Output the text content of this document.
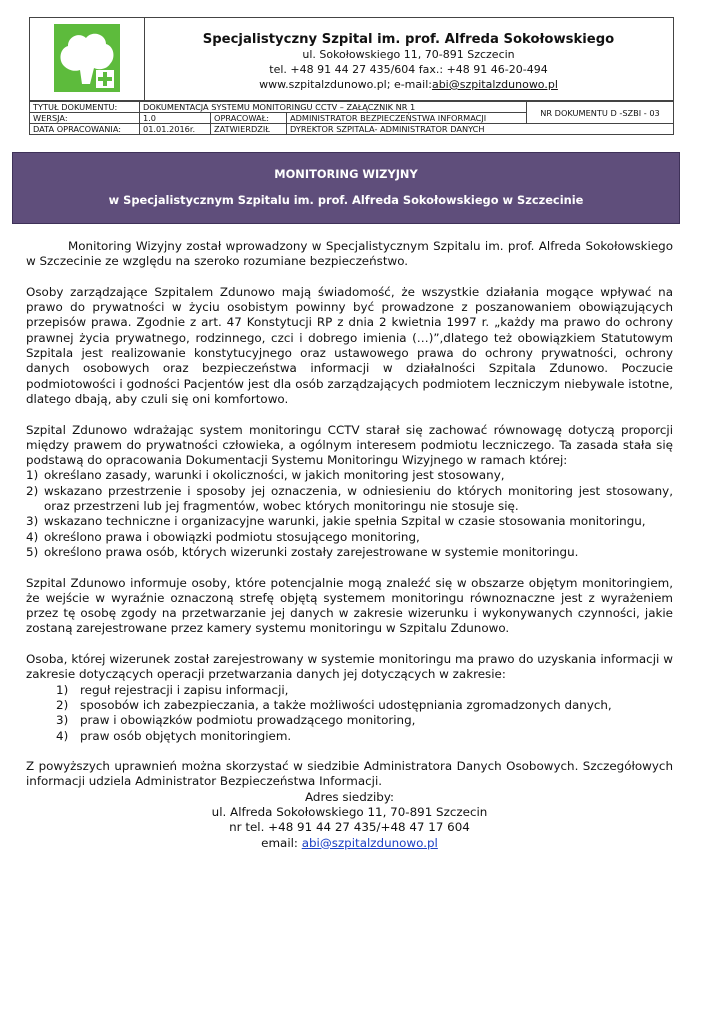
Specjalistyczny Szpital im. prof. Alfreda Sokołowskiego
ul. Sokołowskiego 11, 70-891 Szczecin
tel. +48 91 44 27 435/604 fax.: +48 91 46-20-494
www.szpitalzdunowo.pl; e-mail:abi@szpitalzdunowo.pl
TYTUŁ DOKUMENTU:	DOKUMENTACJA SYSTEMU MONITORINGU CCTV – ZAŁĄCZNIK NR 1			NR DOKUMENTU D -SZBI - 03
WERSJA:	1.0	OPRACOWAŁ:	ADMINISTRATOR BEZPIECZEŃSTWA INFORMACJI	
DATA OPRACOWANIA:	01.01.2016r.	ZATWIERDZIŁ	DYREKTOR SZPITALA- ADMINISTRATOR DANYCH	
MONITORING WIZYJNY
w Specjalistycznym Szpitalu im. prof. Alfreda Sokołowskiego w Szczecinie

Monitoring Wizyjny został wprowadzony w Specjalistycznym Szpitalu im. prof. Alfreda Sokołowskiego w Szczecinie ze względu na szeroko rozumiane bezpieczeństwo.

Osoby zarządzające Szpitalem Zdunowo mają świadomość, że wszystkie działania mogące wpływać na prawo do prywatności w życiu osobistym powinny być prowadzone z poszanowaniem obowiązujących przepisów prawa. Zgodnie z art. 47 Konstytucji RP z dnia 2 kwietnia 1997 r. „każdy ma prawo do ochrony prawnej życia prywatnego, rodzinnego, czci i dobrego imienia (…)”,dlatego też obowiązkiem Statutowym Szpitala jest realizowanie konstytucyjnego oraz ustawowego prawa do ochrony prywatności, ochrony danych osobowych oraz bezpieczeństwa informacji w działalności Szpitala Zdunowo. Poczucie podmiotowości i godności Pacjentów jest dla osób zarządzających podmiotem leczniczym niebywale istotne, dlatego dbają, aby czuli się oni komfortowo.

Szpital Zdunowo wdrażając system monitoringu CCTV starał się zachować równowagę dotyczą proporcji między prawem do prywatności człowieka, a ogólnym interesem podmiotu leczniczego. Ta zasada stała się podstawą do opracowania Dokumentacji Systemu Monitoringu Wizyjnego w ramach której:

1) określano zasady, warunki i okoliczności, w jakich monitoring jest stosowany,
2) wskazano przestrzenie i sposoby jej oznaczenia, w odniesieniu do których monitoring jest stosowany, oraz przestrzeni lub jej fragmentów, wobec których monitoringu nie stosuje się.
3) wskazano techniczne i organizacyjne warunki, jakie spełnia Szpital w czasie stosowania monitoringu,
4) określono prawa i obowiązki podmiotu stosującego monitoring,
5) określono prawa osób, których wizerunki zostały zarejestrowane w systemie monitoringu.

Szpital Zdunowo informuje osoby, które potencjalnie mogą znaleźć się w obszarze objętym monitoringiem, że wejście w wyraźnie oznaczoną strefę objętą systemem monitoringu równoznaczne jest z wyrażeniem przez tę osobę zgody na przetwarzanie jej danych w zakresie wizerunku i wykonywanych czynności, jakie zostaną zarejestrowane przez kamery systemu monitoringu w Szpitalu Zdunowo.

Osoba, której wizerunek został zarejestrowany w systemie monitoringu ma prawo do uzyskania informacji w zakresie dotyczących operacji przetwarzania danych jej dotyczących w zakresie:

1) reguł rejestracji i zapisu informacji,
2) sposobów ich zabezpieczania, a także możliwości udostępniania zgromadzonych danych,
3) praw i obowiązków podmiotu prowadzącego monitoring,
4) praw osób objętych monitoringiem.

Z powyższych uprawnień można skorzystać w siedzibie Administratora Danych Osobowych. Szczegółowych informacji udziela Administrator Bezpieczeństwa Informacji.

Adres siedziby:

ul. Alfreda Sokołowskiego 11, 70-891 Szczecin

nr tel. +48 91 44 27 435/+48 47 17 604

email: abi@szpitalzdunowo.pl
